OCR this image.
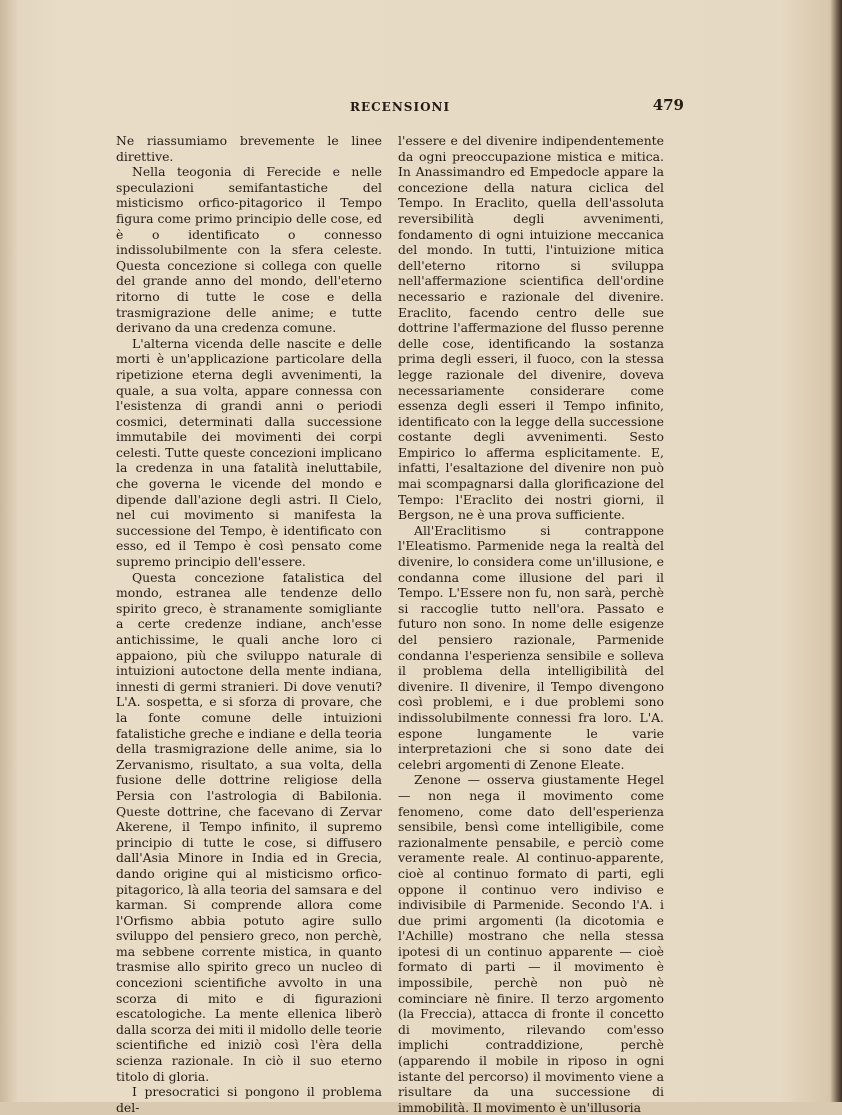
RECENSIONI	479

Ne riassumiamo brevemente le linee direttive.

Nella teogonia di Ferecide e nelle speculazioni semifantastiche del misticismo orfico-pitagorico il Tempo figura come primo principio delle cose, ed è o identificato o connesso indissolubilmente con la sfera celeste. Questa concezione si collega con quelle del grande anno del mondo, dell'eterno ritorno di tutte le cose e della trasmigrazione delle anime; e tutte derivano da una credenza comune.

L'alterna vicenda delle nascite e delle morti è un'applicazione particolare della ripetizione eterna degli avvenimenti, la quale, a sua volta, appare connessa con l'esistenza di grandi anni o periodi cosmici, determinati dalla successione immutabile dei movimenti dei corpi celesti. Tutte queste concezioni implicano la credenza in una fatalità ineluttabile, che governa le vicende del mondo e dipende dall'azione degli astri. Il Cielo, nel cui movimento si manifesta la successione del Tempo, è identificato con esso, ed il Tempo è così pensato come supremo principio dell'essere.

Questa concezione fatalistica del mondo, estranea alle tendenze dello spirito greco, è stranamente somigliante a certe credenze indiane, anch'esse antichissime, le quali anche loro ci appaiono, più che sviluppo naturale di intuizioni autoctone della mente indiana, innesti di germi stranieri. Di dove venuti? L'A. sospetta, e si sforza di provare, che la fonte comune delle intuizioni fatalistiche greche e indiane e della teoria della trasmigrazione delle anime, sia lo Zervanismo, risultato, a sua volta, della fusione delle dottrine religiose della Persia con l'astrologia di Babilonia. Queste dottrine, che facevano di Zervar Akerene, il Tempo infinito, il supremo principio di tutte le cose, si diffusero dall'Asia Minore in India ed in Grecia, dando origine qui al misticismo orfico-pitagorico, là alla teoria del samsara e del karman. Si comprende allora come l'Orfismo abbia potuto agire sullo sviluppo del pensiero greco, non perchè, ma sebbene corrente mistica, in quanto trasmise allo spirito greco un nucleo di concezioni scientifiche avvolto in una scorza di mito e di figurazioni escatologiche. La mente ellenica liberò dalla scorza dei miti il midollo delle teorie scientifiche ed iniziò così l'èra della scienza razionale. In ciò il suo eterno titolo di gloria.

I presocratici si pongono il problema del-

l'essere e del divenire indipendentemente da ogni preoccupazione mistica e mitica. In Anassimandro ed Empedocle appare la concezione della natura ciclica del Tempo. In Eraclito, quella dell'assoluta reversibilità degli avvenimenti, fondamento di ogni intuizione meccanica del mondo. In tutti, l'intuizione mitica dell'eterno ritorno si sviluppa nell'affermazione scientifica dell'ordine necessario e razionale del divenire. Eraclito, facendo centro delle sue dottrine l'affermazione del flusso perenne delle cose, identificando la sostanza prima degli esseri, il fuoco, con la stessa legge razionale del divenire, doveva necessariamente considerare come essenza degli esseri il Tempo infinito, identificato con la legge della successione costante degli avvenimenti. Sesto Empirico lo afferma esplicitamente. E, infatti, l'esaltazione del divenire non può mai scompagnarsi dalla glorificazione del Tempo: l'Eraclito dei nostri giorni, il Bergson, ne è una prova sufficiente.

All'Eraclitismo si contrappone l'Eleatismo. Parmenide nega la realtà del divenire, lo considera come un'illusione, e condanna come illusione del pari il Tempo. L'Essere non fu, non sarà, perchè si raccoglie tutto nell'ora. Passato e futuro non sono. In nome delle esigenze del pensiero razionale, Parmenide condanna l'esperienza sensibile e solleva il problema della intelligibilità del divenire. Il divenire, il Tempo divengono così problemi, e i due problemi sono indissolubilmente connessi fra loro. L'A. espone lungamente le varie interpretazioni che si sono date dei celebri argomenti di Zenone Eleate.

Zenone — osserva giustamente Hegel — non nega il movimento come fenomeno, come dato dell'esperienza sensibile, bensì come intelligibile, come razionalmente pensabile, e perciò come veramente reale. Al continuo-apparente, cioè al continuo formato di parti, egli oppone il continuo vero indiviso e indivisibile di Parmenide. Secondo l'A. i due primi argomenti (la dicotomia e l'Achille) mostrano che nella stessa ipotesi di un continuo apparente — cioè formato di parti — il movimento è impossibile, perchè non può nè cominciare nè finire. Il terzo argomento (la Freccia), attacca di fronte il concetto di movimento, rilevando com'esso implichi contraddizione, perchè (apparendo il mobile in riposo in ogni istante del percorso) il movimento viene a risultare da una successione di immobilità. Il movimento è un'illusoria
